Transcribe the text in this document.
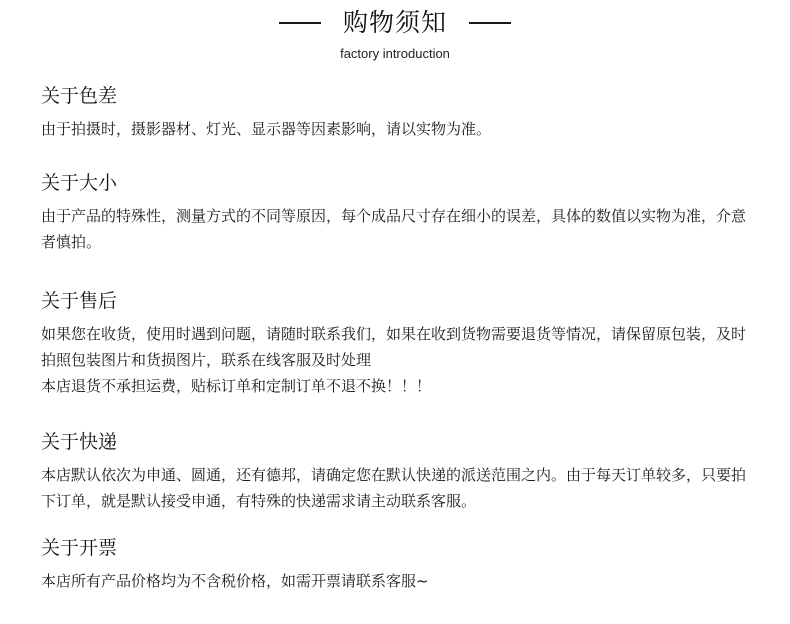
购物须知
factory introduction
关于色差

由于拍摄时，摄影器材、灯光、显示器等因素影响，请以实物为准。

关于大小

由于产品的特殊性，测量方式的不同等原因，每个成品尺寸存在细小的误差，具体的数值以实物为准，介意者慎拍。

关于售后

如果您在收货，使用时遇到问题，请随时联系我们，如果在收到货物需要退货等情况，请保留原包装，及时拍照包装图片和货损图片，联系在线客服及时处理

本店退货不承担运费，贴标订单和定制订单不退不换！！！

关于快递

本店默认依次为申通、圆通，还有德邦，请确定您在默认快递的派送范围之内。由于每天订单较多，只要拍下订单，就是默认接受申通，有特殊的快递需求请主动联系客服。

关于开票

本店所有产品价格均为不含税价格，如需开票请联系客服~
